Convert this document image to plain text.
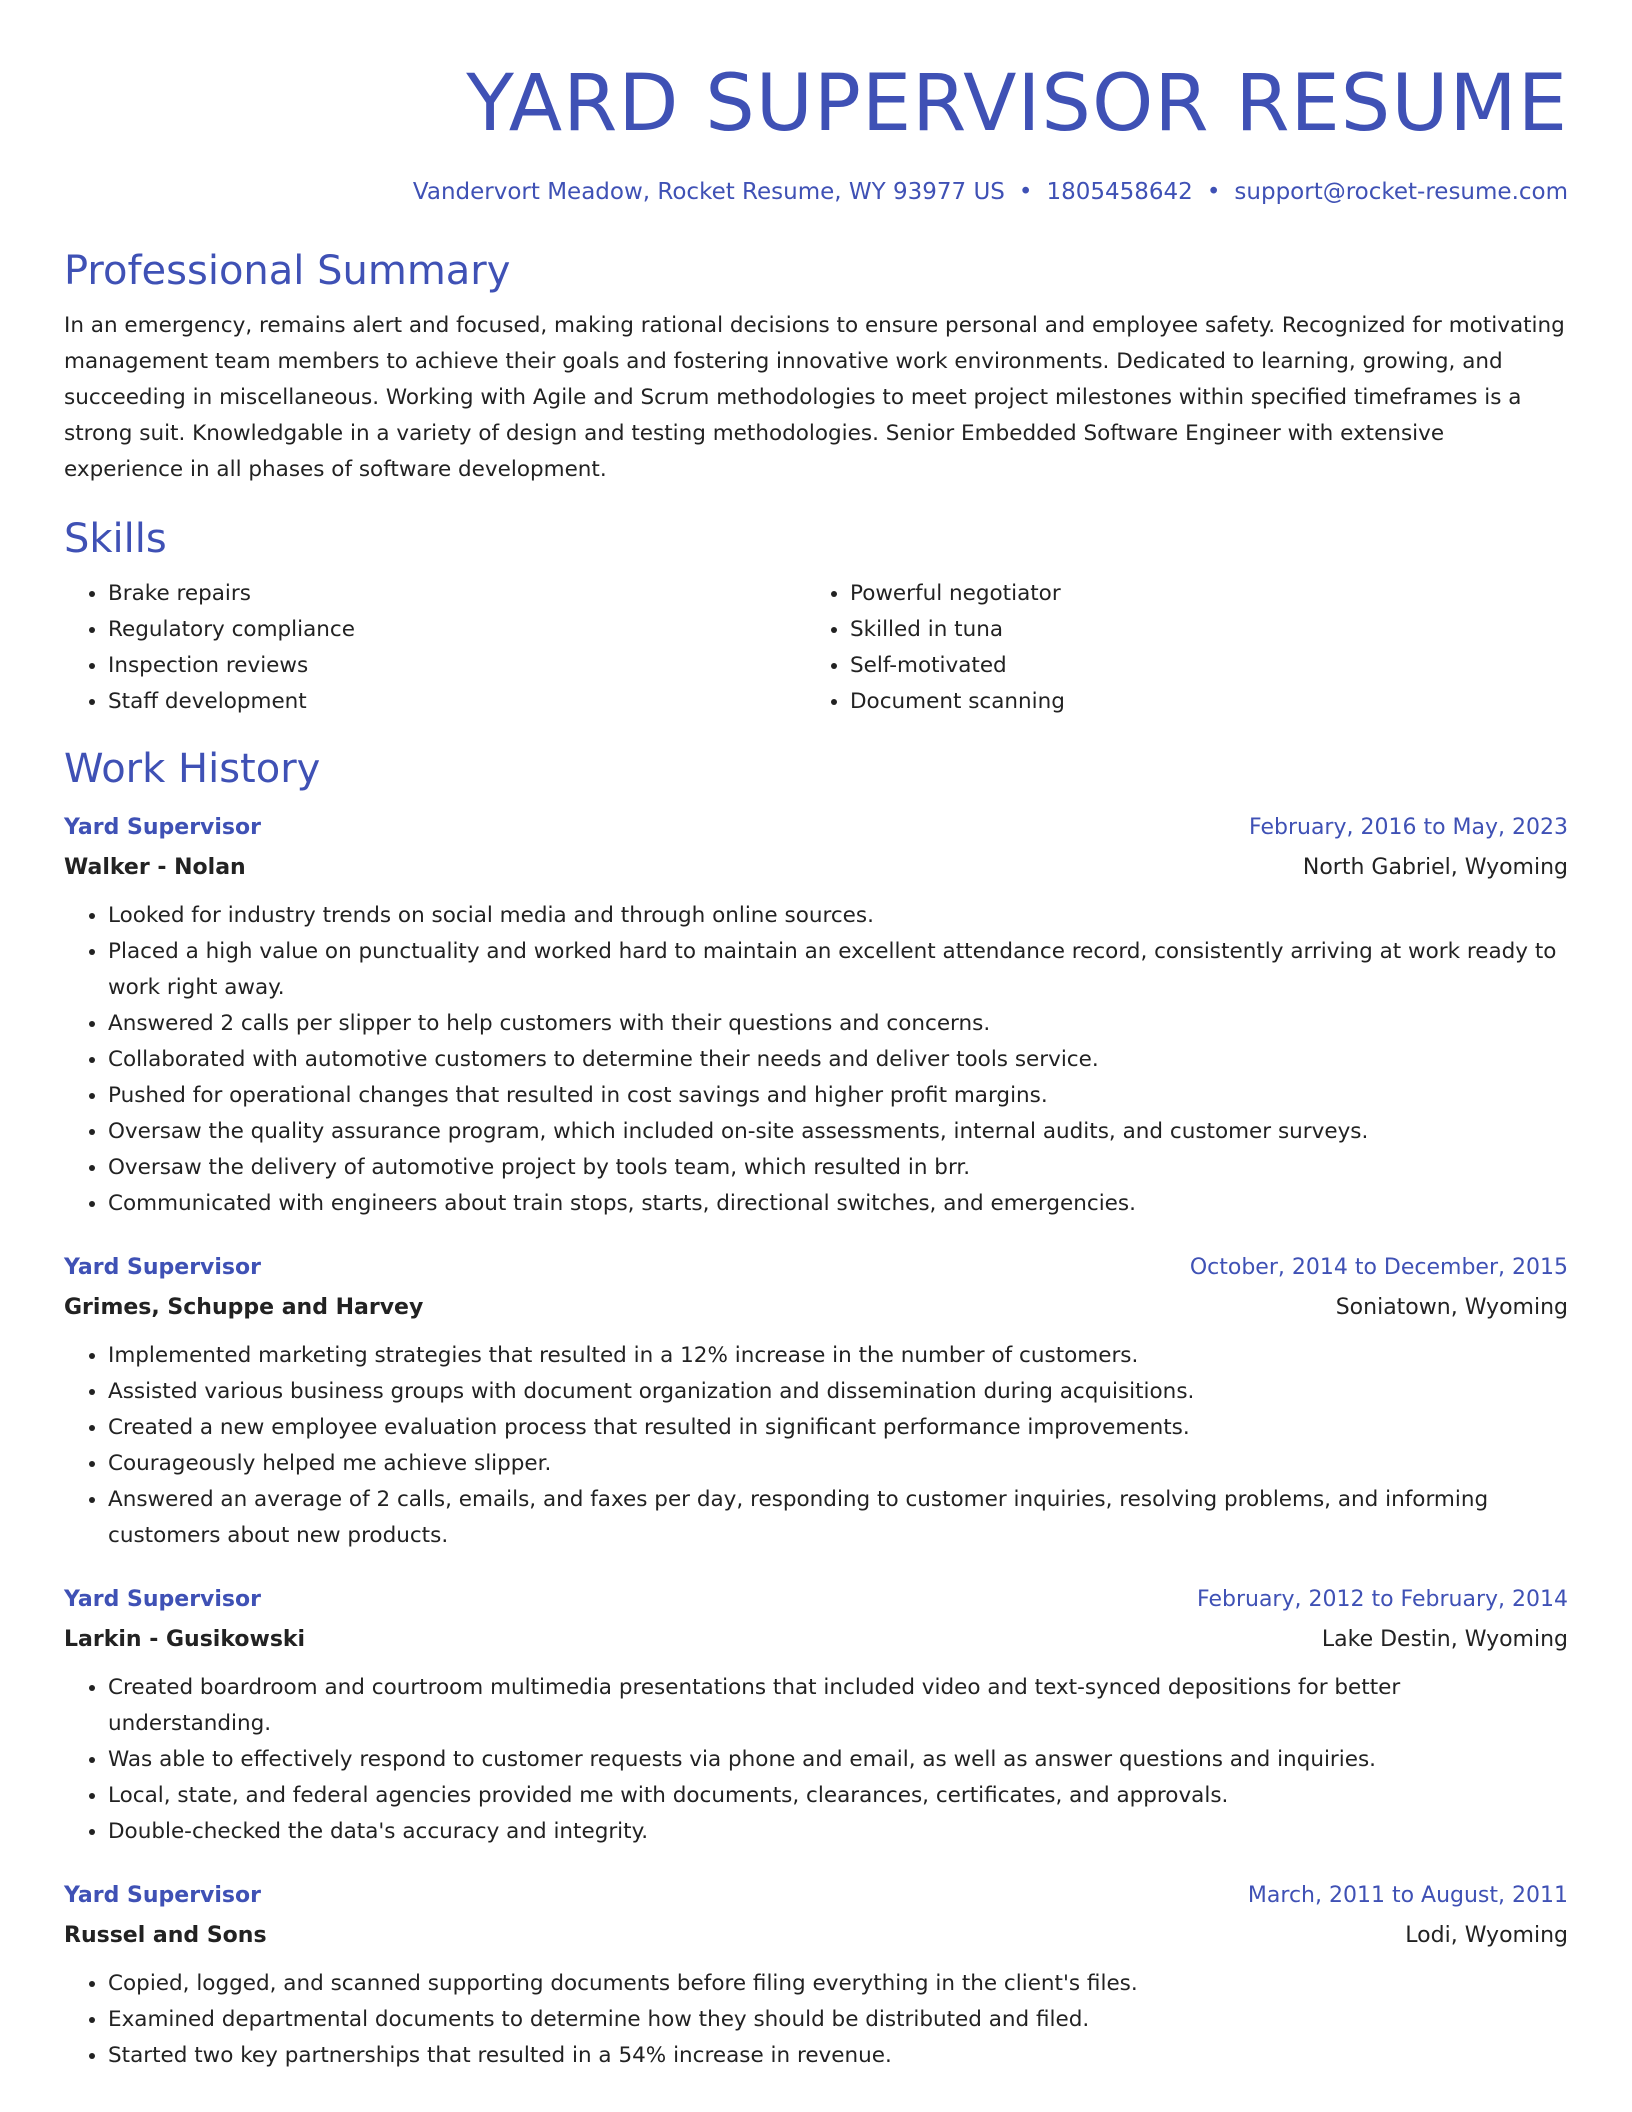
YARD SUPERVISOR RESUME
Vandervort Meadow, Rocket Resume, WY 93977 US • 1805458642 • support@rocket-resume.com
Professional Summary

In an emergency, remains alert and focused, making rational decisions to ensure personal and employee safety. Recognized for motivating management team members to achieve their goals and fostering innovative work environments. Dedicated to learning, growing, and succeeding in miscellaneous. Working with Agile and Scrum methodologies to meet project milestones within specified timeframes is a strong suit. Knowledgable in a variety of design and testing methodologies. Senior Embedded Software Engineer with extensive experience in all phases of software development.

Skills
• Brake repairs
• Regulatory compliance
• Inspection reviews
• Staff development
• Powerful negotiator
• Skilled in tuna
• Self-motivated
• Document scanning
Work History
Yard Supervisor	February, 2016 to May, 2023
Walker - Nolan	North Gabriel, Wyoming
• Looked for industry trends on social media and through online sources.
• Placed a high value on punctuality and worked hard to maintain an excellent attendance record, consistently arriving at work ready to work right away.
• Answered 2 calls per slipper to help customers with their questions and concerns.
• Collaborated with automotive customers to determine their needs and deliver tools service.
• Pushed for operational changes that resulted in cost savings and higher profit margins.
• Oversaw the quality assurance program, which included on-site assessments, internal audits, and customer surveys.
• Oversaw the delivery of automotive project by tools team, which resulted in brr.
• Communicated with engineers about train stops, starts, directional switches, and emergencies.
Yard Supervisor	October, 2014 to December, 2015
Grimes, Schuppe and Harvey	Soniatown, Wyoming
• Implemented marketing strategies that resulted in a 12% increase in the number of customers.
• Assisted various business groups with document organization and dissemination during acquisitions.
• Created a new employee evaluation process that resulted in significant performance improvements.
• Courageously helped me achieve slipper.
• Answered an average of 2 calls, emails, and faxes per day, responding to customer inquiries, resolving problems, and informing customers about new products.
Yard Supervisor	February, 2012 to February, 2014
Larkin - Gusikowski	Lake Destin, Wyoming
• Created boardroom and courtroom multimedia presentations that included video and text-synced depositions for better understanding.
• Was able to effectively respond to customer requests via phone and email, as well as answer questions and inquiries.
• Local, state, and federal agencies provided me with documents, clearances, certificates, and approvals.
• Double-checked the data's accuracy and integrity.
Yard Supervisor	March, 2011 to August, 2011
Russel and Sons	Lodi, Wyoming
• Copied, logged, and scanned supporting documents before filing everything in the client's files.
• Examined departmental documents to determine how they should be distributed and filed.
• Started two key partnerships that resulted in a 54% increase in revenue.
